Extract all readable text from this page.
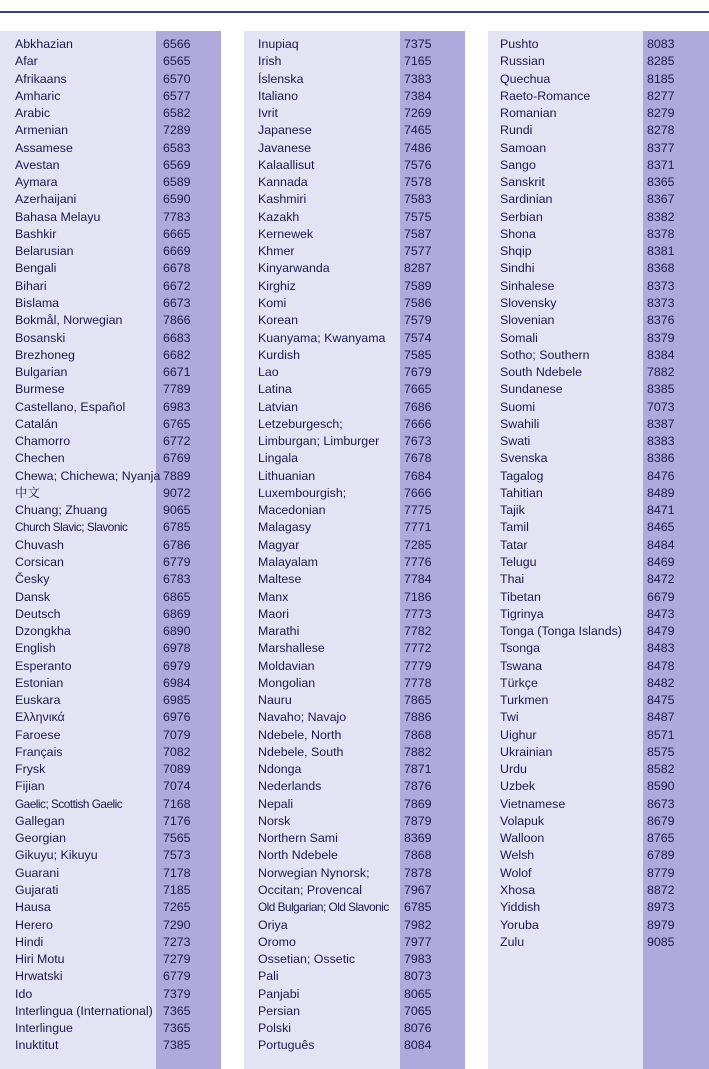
Abkhazian	6566
Afar	6565
Afrikaans	6570
Amharic	6577
Arabic	6582
Armenian	7289
Assamese	6583
Avestan	6569
Aymara	6589
Azerhaijani	6590
Bahasa Melayu	7783
Bashkir	6665
Belarusian	6669
Bengali	6678
Bihari	6672
Bislama	6673
Bokmål, Norwegian	7866
Bosanski	6683
Brezhoneg	6682
Bulgarian	6671
Burmese	7789
Castellano, Español	6983
Catalán	6765
Chamorro	6772
Chechen	6769
Chewa; Chichewa; Nyanja 7889
中文	9072
Chuang; Zhuang	9065
Church Slavic; Slavonic	6785
Chuvash	6786
Corsican	6779
Česky	6783
Dansk	6865
Deutsch	6869
Dzongkha	6890
English	6978
Esperanto	6979
Estonian	6984
Euskara	6985
Ελληνικά	6976
Faroese	7079
Français	7082
Frysk	7089
Fijian	7074
Gaelic; Scottish Gaelic	7168
Gallegan	7176
Georgian	7565
Gikuyu; Kikuyu	7573
Guarani	7178
Gujarati	7185
Hausa	7265
Herero	7290
Hindi	7273
Hiri Motu	7279
Hrwatski	6779
Ido	7379
Interlingua (International) 7365
Interlingue	7365
Inuktitut	7385
Inupiaq	7375
Irish	7165
Íslenska	7383
Italiano	7384
Ivrit	7269
Japanese	7465
Javanese	7486
Kalaallisut	7576
Kannada	7578
Kashmiri	7583
Kazakh	7575
Kernewek	7587
Khmer	7577
Kinyarwanda	8287
Kirghiz	7589
Komi	7586
Korean	7579
Kuanyama; Kwanyama 7574
Kurdish	7585
Lao	7679
Latina	7665
Latvian	7686
Letzeburgesch;	7666
Limburgan; Limburger 7673
Lingala	7678
Lithuanian	7684
Luxembourgish;	7666
Macedonian	7775
Malagasy	7771
Magyar	7285
Malayalam	7776
Maltese	7784
Manx	7186
Maori	7773
Marathi	7782
Marshallese	7772
Moldavian	7779
Mongolian	7778
Nauru	7865
Navaho; Navajo	7886
Ndebele, North	7868
Ndebele, South	7882
Ndonga	7871
Nederlands	7876
Nepali	7869
Norsk	7879
Northern Sami	8369
North Ndebele	7868
Norwegian Nynorsk;	7878
Occitan; Provencal	7967
Old Bulgarian; Old Slavonic 6785
Oriya	7982
Oromo	7977
Ossetian; Ossetic	7983
Pali	8073
Panjabi	8065
Persian	7065
Polski	8076
Português	8084
Pushto	8083
Russian	8285
Quechua	8185
Raeto-Romance	8277
Romanian	8279
Rundi	8278
Samoan	8377
Sango	8371
Sanskrit	8365
Sardinian	8367
Serbian	8382
Shona	8378
Shqip	8381
Sindhi	8368
Sinhalese	8373
Slovensky	8373
Slovenian	8376
Somali	8379
Sotho; Southern	8384
South Ndebele	7882
Sundanese	8385
Suomi	7073
Swahili	8387
Swati	8383
Svenska	8386
Tagalog	8476
Tahitian	8489
Tajik	8471
Tamil	8465
Tatar	8484
Telugu	8469
Thai	8472
Tibetan	6679
Tigrinya	8473
Tonga (Tonga Islands) 8479
Tsonga	8483
Tswana	8478
Türkçe	8482
Turkmen	8475
Twi	8487
Uighur	8571
Ukrainian	8575
Urdu	8582
Uzbek	8590
Vietnamese	8673
Volapuk	8679
Walloon	8765
Welsh	6789
Wolof	8779
Xhosa	8872
Yiddish	8973
Yoruba	8979
Zulu	9085
